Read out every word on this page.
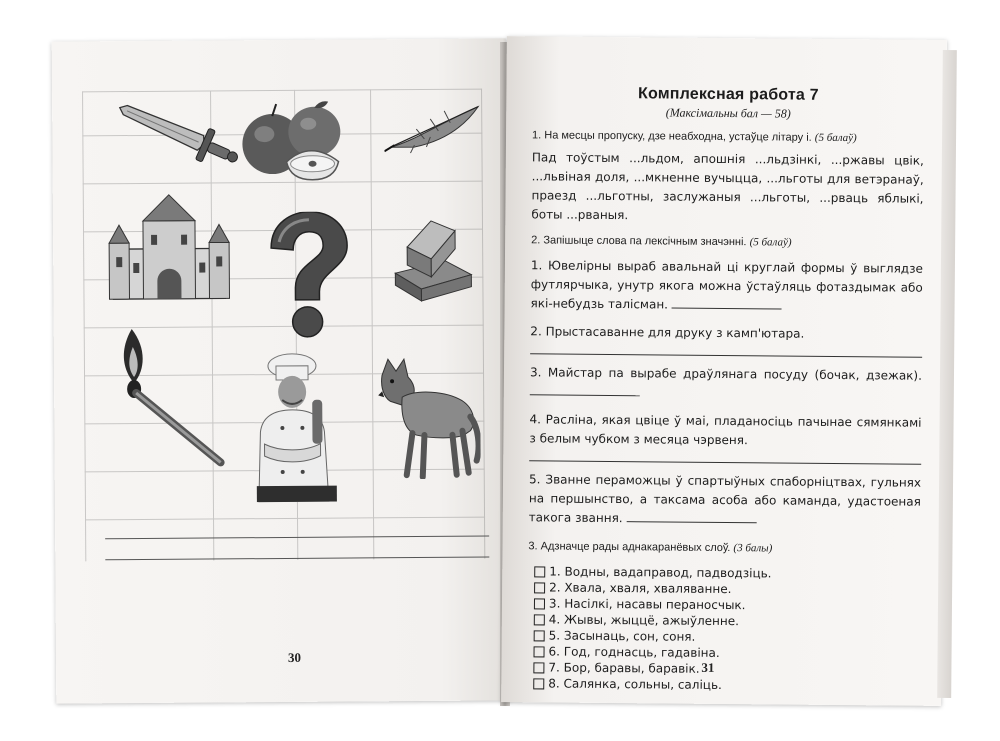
30
Комплексная работа 7
(Максімальны бал — 58)
1. На месцы пропуску, дзе неабходна, устаўце літару і. (5 балаў)
Пад тоўстым ...льдом, апошнія ...льдзінкі, ...ржавы цвік, ...львіная доля, ...мкненне вучыцца, ...льготы для ветэранаў, праезд ...льготны, заслужаныя ...льготы, ...рваць яблыкі, боты ...рваныя.
2. Запішыце слова па лексічным значэнні. (5 балаў)
1. Ювелірны выраб авальнай ці круглай формы ў выглядзе футлярчыка, унутр якога можна ўстаўляць фотаздымак або які-небудзь талісман.
2. Прыстасаванне для друку з камп'ютара.
3. Майстар па вырабе драўлянага посуду (бочак, дзежак).
4. Расліна, якая цвіце ў маі, пладаносіць пачынае сямянкамі з белым чубком з месяца чэрвеня.
5. Званне пераможцы ў спартыўных спаборніцтвах, гульнях на першынство, а таксама асоба або каманда, удастоеная такога звання.
3. Адзначце рады аднакаранёвых слоў. (3 балы)
1. Водны, вадаправод, падводзіць.
2. Хвала, хваля, хваляванне.
3. Насілкі, насавы пераносчык.
4. Жывы, жыццё, ажыўленне.
5. Засынаць, сон, соня.
6. Год, годнасць, гадавіна.
7. Бор, баравы, баравік.
8. Салянка, сольны, саліць.
31
